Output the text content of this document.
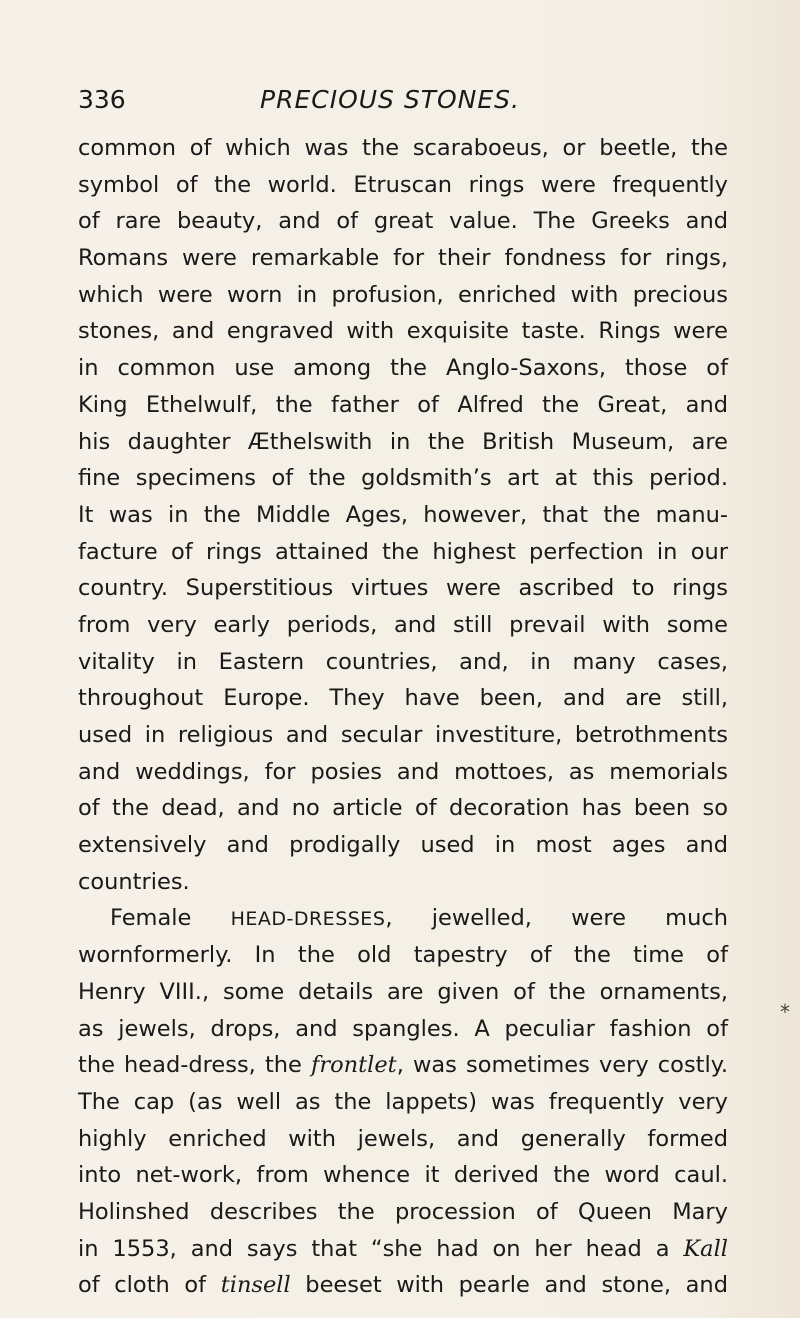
336	PRECIOUS STONES.
common of which was the scaraboeus, or beetle, the
symbol of the world. Etruscan rings were frequently
of rare beauty, and of great value. The Greeks and
Romans were remarkable for their fondness for rings,
which were worn in profusion, enriched with precious
stones, and engraved with exquisite taste. Rings were
in common use among the Anglo-Saxons, those of
King Ethelwulf, the father of Alfred the Great, and
his daughter Æthelswith in the British Museum, are
fine specimens of the goldsmith’s art at this period.
It was in the Middle Ages, however, that the manu-
facture of rings attained the highest perfection in our
country. Superstitious virtues were ascribed to rings
from very early periods, and still prevail with some
vitality in Eastern countries, and, in many cases,
throughout Europe. They have been, and are still,
used in religious and secular investiture, betrothments
and weddings, for posies and mottoes, as memorials
of the dead, and no article of decoration has been so
extensively and prodigally used in most ages and
countries.
Female HEAD-DRESSES, jewelled, were much
wornformerly. In the old tapestry of the time of
Henry VIII., some details are given of the ornaments,
as jewels, drops, and spangles. A peculiar fashion of
the head-dress, the frontlet, was sometimes very costly.
The cap (as well as the lappets) was frequently very
highly enriched with jewels, and generally formed
into net-work, from whence it derived the word caul.
Holinshed describes the procession of Queen Mary
in 1553, and says that “she had on her head a Kall
of cloth of tinsell beeset with pearle and stone, and
*
